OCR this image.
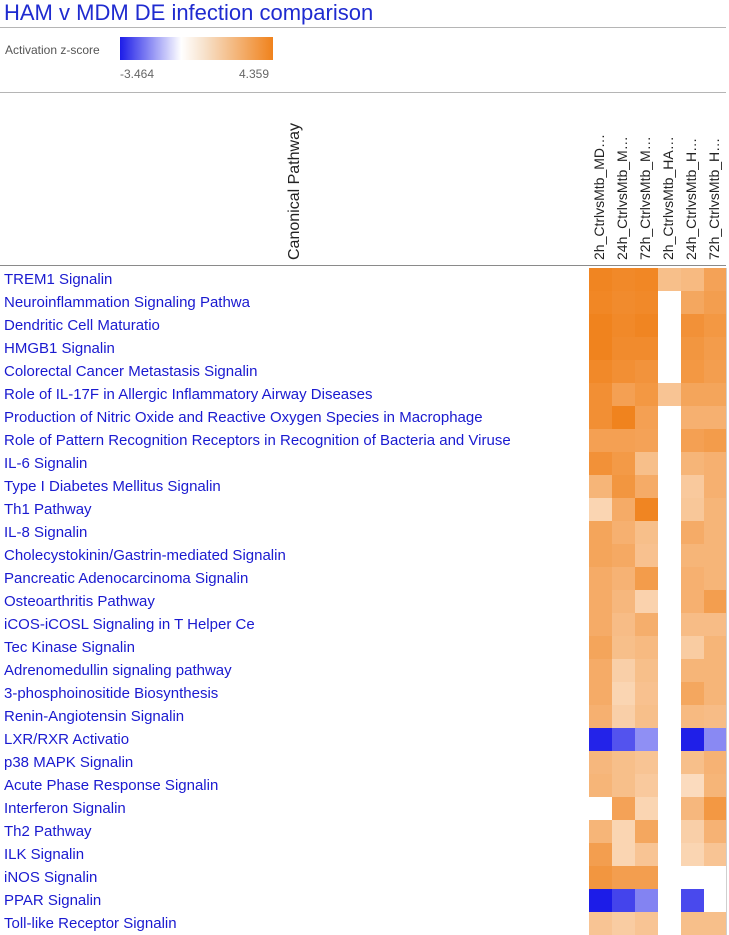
HAM v MDM DE infection comparison
Activation z-score
-3.464	4.359
Canonical Pathway	2h_CtrlvsMtb_MD… 24h_CtrlvsMtb_M… 72h_CtrlvsMtb_M… 2h_CtrlvsMtb_HA… 24h_CtrlvsMtb_H… 72h_CtrlvsMtb_H…
TREM1 Signalin
Neuroinflammation Signaling Pathwa
Dendritic Cell Maturatio
HMGB1 Signalin
Colorectal Cancer Metastasis Signalin
Role of IL-17F in Allergic Inflammatory Airway Diseases
Production of Nitric Oxide and Reactive Oxygen Species in Macrophage
Role of Pattern Recognition Receptors in Recognition of Bacteria and Viruse
IL-6 Signalin
Type I Diabetes Mellitus Signalin
Th1 Pathway
IL-8 Signalin
Cholecystokinin/Gastrin-mediated Signalin
Pancreatic Adenocarcinoma Signalin
Osteoarthritis Pathway
iCOS-iCOSL Signaling in T Helper Ce
Tec Kinase Signalin
Adrenomedullin signaling pathway
3-phosphoinositide Biosynthesis
Renin-Angiotensin Signalin
LXR/RXR Activatio
p38 MAPK Signalin
Acute Phase Response Signalin
Interferon Signalin
Th2 Pathway
ILK Signalin
iNOS Signalin
PPAR Signalin
Toll-like Receptor Signalin
